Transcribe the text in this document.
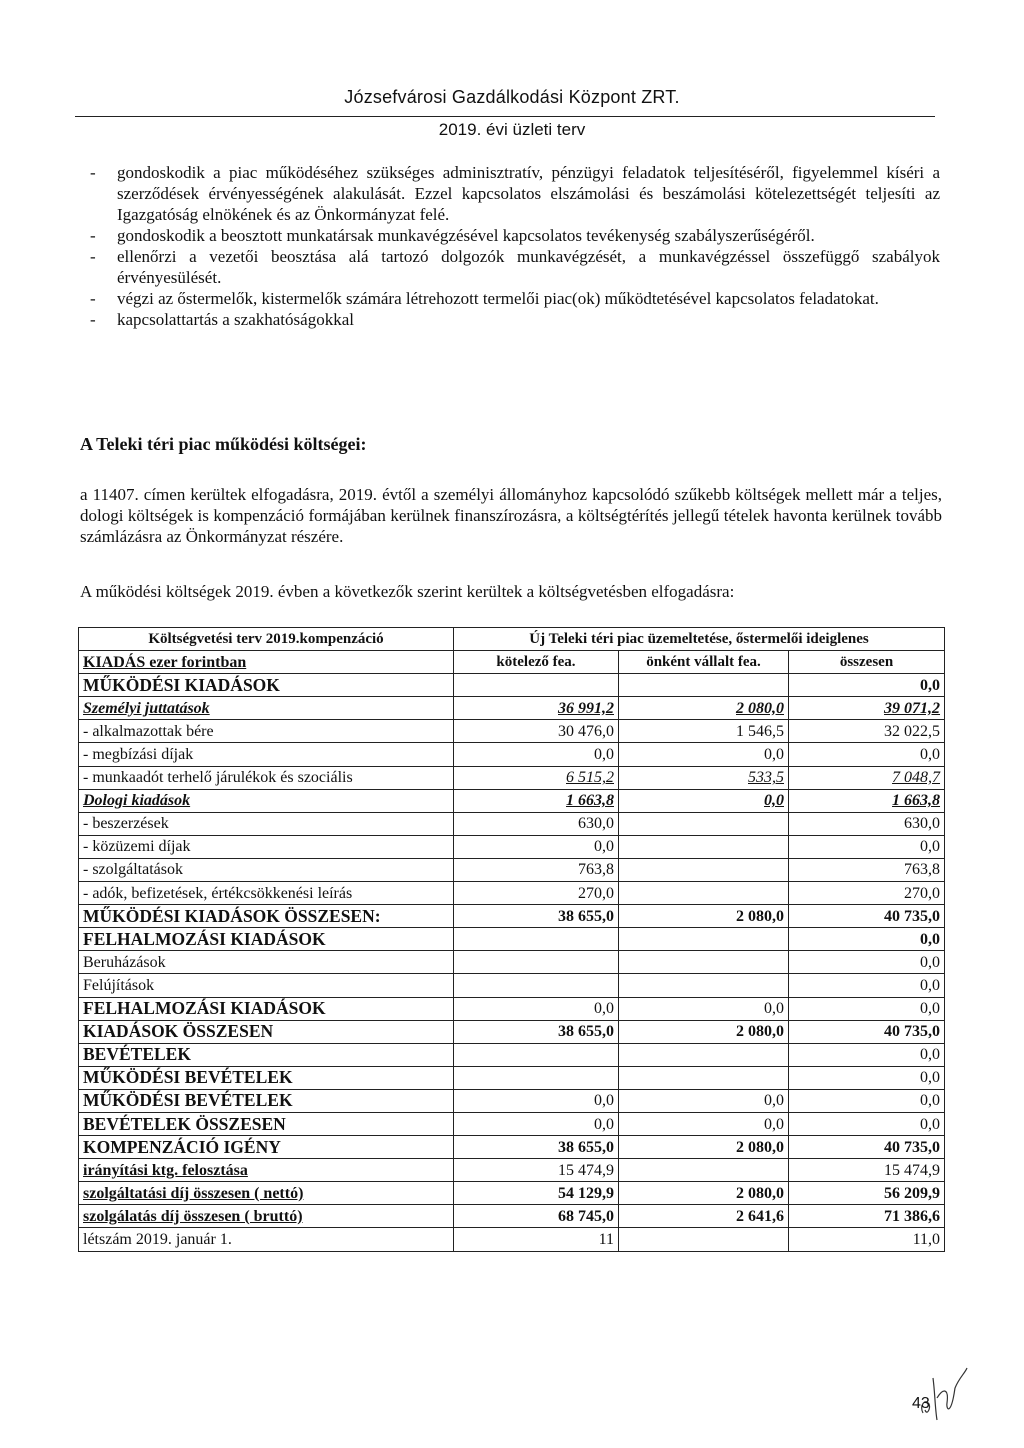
Józsefvárosi Gazdálkodási Központ ZRT.
2019. évi üzleti terv
-	gondoskodik a piac működéséhez szükséges adminisztratív, pénzügyi feladatok teljesítéséről, figyelemmel kíséri a szerződések érvényességének alakulását. Ezzel kapcsolatos elszámolási és beszámolási kötelezettségét teljesíti az Igazgatóság elnökének és az Önkormányzat felé.
-	gondoskodik a beosztott munkatársak munkavégzésével kapcsolatos tevékenység szabályszerűségéről.
-	ellenőrzi a vezetői beosztása alá tartozó dolgozók munkavégzését, a munkavégzéssel összefüggő szabályok érvényesülését.
-	végzi az őstermelők, kistermelők számára létrehozott termelői piac(ok) működtetésével kapcsolatos feladatokat.
-	kapcsolattartás a szakhatóságokkal
A Teleki téri piac működési költségei:
a 11407. címen kerültek elfogadásra, 2019. évtől a személyi állományhoz kapcsolódó szűkebb költségek mellett már a teljes, dologi költségek is kompenzáció formájában kerülnek finanszírozásra, a költségtérítés jellegű tételek havonta kerülnek tovább számlázásra az Önkormányzat részére.
A működési költségek 2019. évben a következők szerint kerültek a költségvetésben elfogadásra:
Költségvetési terv 2019.kompenzáció	Új Teleki téri piac üzemeltetése, őstermelői ideiglenes		
KIADÁS ezer forintban	kötelező fea.	önként vállalt fea.	összesen
MŰKÖDÉSI KIADÁSOK			0,0
Személyi juttatások	36 991,2	2 080,0	39 071,2
- alkalmazottak bére	30 476,0	1 546,5	32 022,5
- megbízási díjak	0,0	0,0	0,0
- munkaadót terhelő járulékok és szociális	6 515,2	533,5	7 048,7
Dologi kiadások	1 663,8	0,0	1 663,8
- beszerzések	630,0		630,0
- közüzemi díjak	0,0		0,0
- szolgáltatások	763,8		763,8
- adók, befizetések, értékcsökkenési leírás	270,0		270,0
MŰKÖDÉSI KIADÁSOK ÖSSZESEN:	38 655,0	2 080,0	40 735,0
FELHALMOZÁSI KIADÁSOK			0,0
Beruházások			0,0
Felújítások			0,0
FELHALMOZÁSI KIADÁSOK	0,0	0,0	0,0
KIADÁSOK ÖSSZESEN	38 655,0	2 080,0	40 735,0
BEVÉTELEK			0,0
MŰKÖDÉSI BEVÉTELEK			0,0
MŰKÖDÉSI BEVÉTELEK	0,0	0,0	0,0
BEVÉTELEK ÖSSZESEN	0,0	0,0	0,0
KOMPENZÁCIÓ IGÉNY	38 655,0	2 080,0	40 735,0
irányítási ktg. felosztása	15 474,9		15 474,9
szolgáltatási díj összesen ( nettó)	54 129,9	2 080,0	56 209,9
szolgálatás díj összesen ( bruttó)	68 745,0	2 641,6	71 386,6
létszám 2019. január 1.	11		11,0
43
